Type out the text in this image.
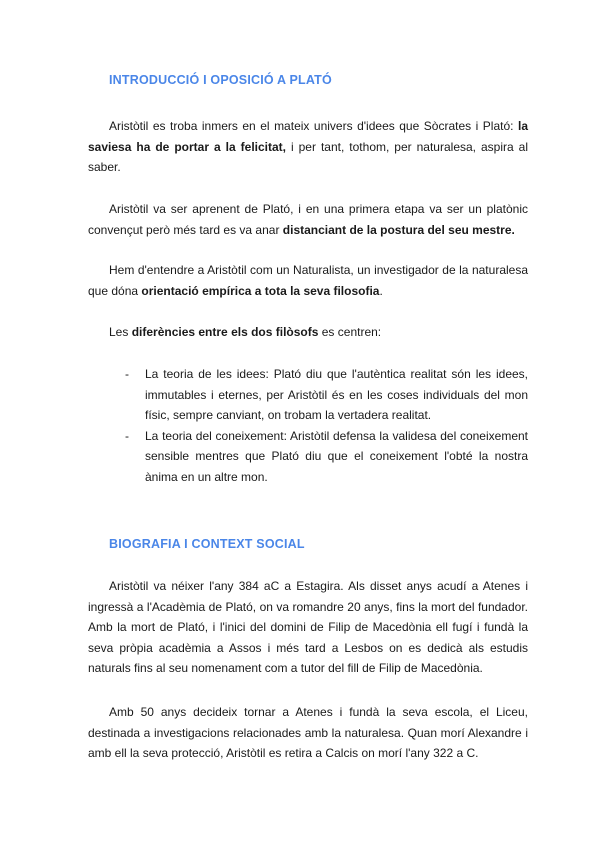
INTRODUCCIÓ I OPOSICIÓ A PLATÓ

Aristòtil es troba inmers en el mateix univers d'idees que Sòcrates i Plató: la saviesa ha de portar a la felicitat, i per tant, tothom, per naturalesa, aspira al saber.

Aristòtil va ser aprenent de Plató, i en una primera etapa va ser un platònic convençut però més tard es va anar distanciant de la postura del seu mestre.

Hem d'entendre a Aristòtil com un Naturalista, un investigador de la naturalesa que dóna orientació empírica a tota la seva filosofia.

Les diferències entre els dos filòsofs es centren:

- La teoria de les idees: Plató diu que l'autèntica realitat són les idees, immutables i eternes, per Aristòtil és en les coses individuals del mon físic, sempre canviant, on trobam la vertadera realitat.
- La teoria del coneixement: Aristòtil defensa la validesa del coneixement sensible mentres que Plató diu que el coneixement l'obté la nostra ànima en un altre mon.
BIOGRAFIA I CONTEXT SOCIAL

Aristòtil va néixer l'any 384 aC a Estagira. Als disset anys acudí a Atenes i ingressà a l'Acadèmia de Plató, on va romandre 20 anys, fins la mort del fundador. Amb la mort de Plató, i l'inici del domini de Filip de Macedònia ell fugí i fundà la seva pròpia acadèmia a Assos i més tard a Lesbos on es dedicà als estudis naturals fins al seu nomenament com a tutor del fill de Filip de Macedònia.

Amb 50 anys decideix tornar a Atenes i fundà la seva escola, el Liceu, destinada a investigacions relacionades amb la naturalesa. Quan morí Alexandre i amb ell la seva protecció, Aristòtil es retira a Calcis on morí l'any 322 a C.
